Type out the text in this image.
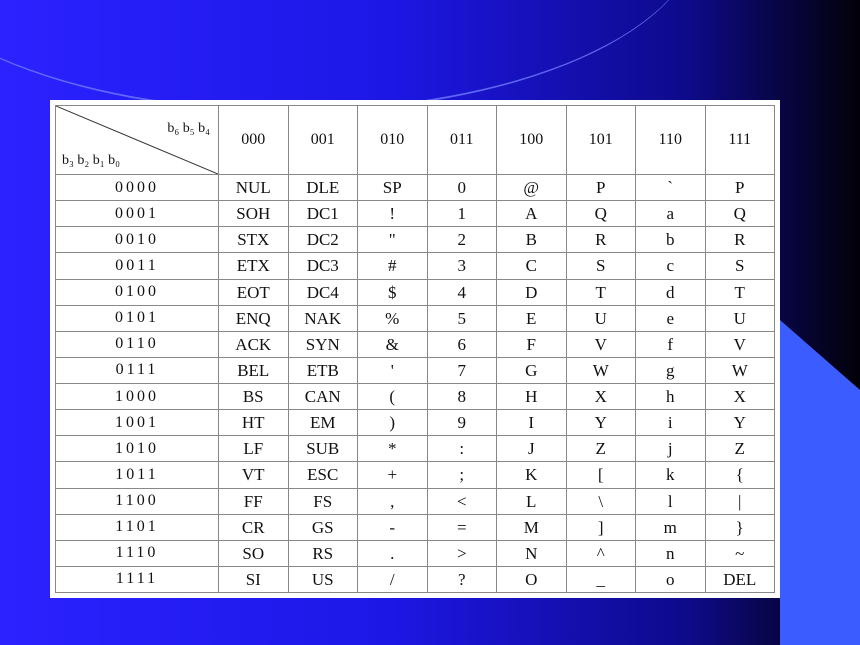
b₆ b₅ b₄
b₃ b₂ b₁ b₀	000	001	010	011	100	101	110	111
0000	NUL	DLE	SP	0	@	P	`	P
0001	SOH	DC1	!	1	A	Q	a	Q
0010	STX	DC2	"	2	B	R	b	R
0011	ETX	DC3	#	3	C	S	c	S
0100	EOT	DC4	$	4	D	T	d	T
0101	ENQ	NAK	%	5	E	U	e	U
0110	ACK	SYN	&	6	F	V	f	V
0111	BEL	ETB	'	7	G	W	g	W
1000	BS	CAN	(	8	H	X	h	X
1001	HT	EM	)	9	I	Y	i	Y
1010	LF	SUB	*	:	J	Z	j	Z
1011	VT	ESC	+	;	K	[	k	{
1100	FF	FS	,	<	L	\	l	|
1101	CR	GS	-	=	M	]	m	}
1110	SO	RS	.	>	N	^	n	~
1111	SI	US	/	?	O	_	o	DEL
